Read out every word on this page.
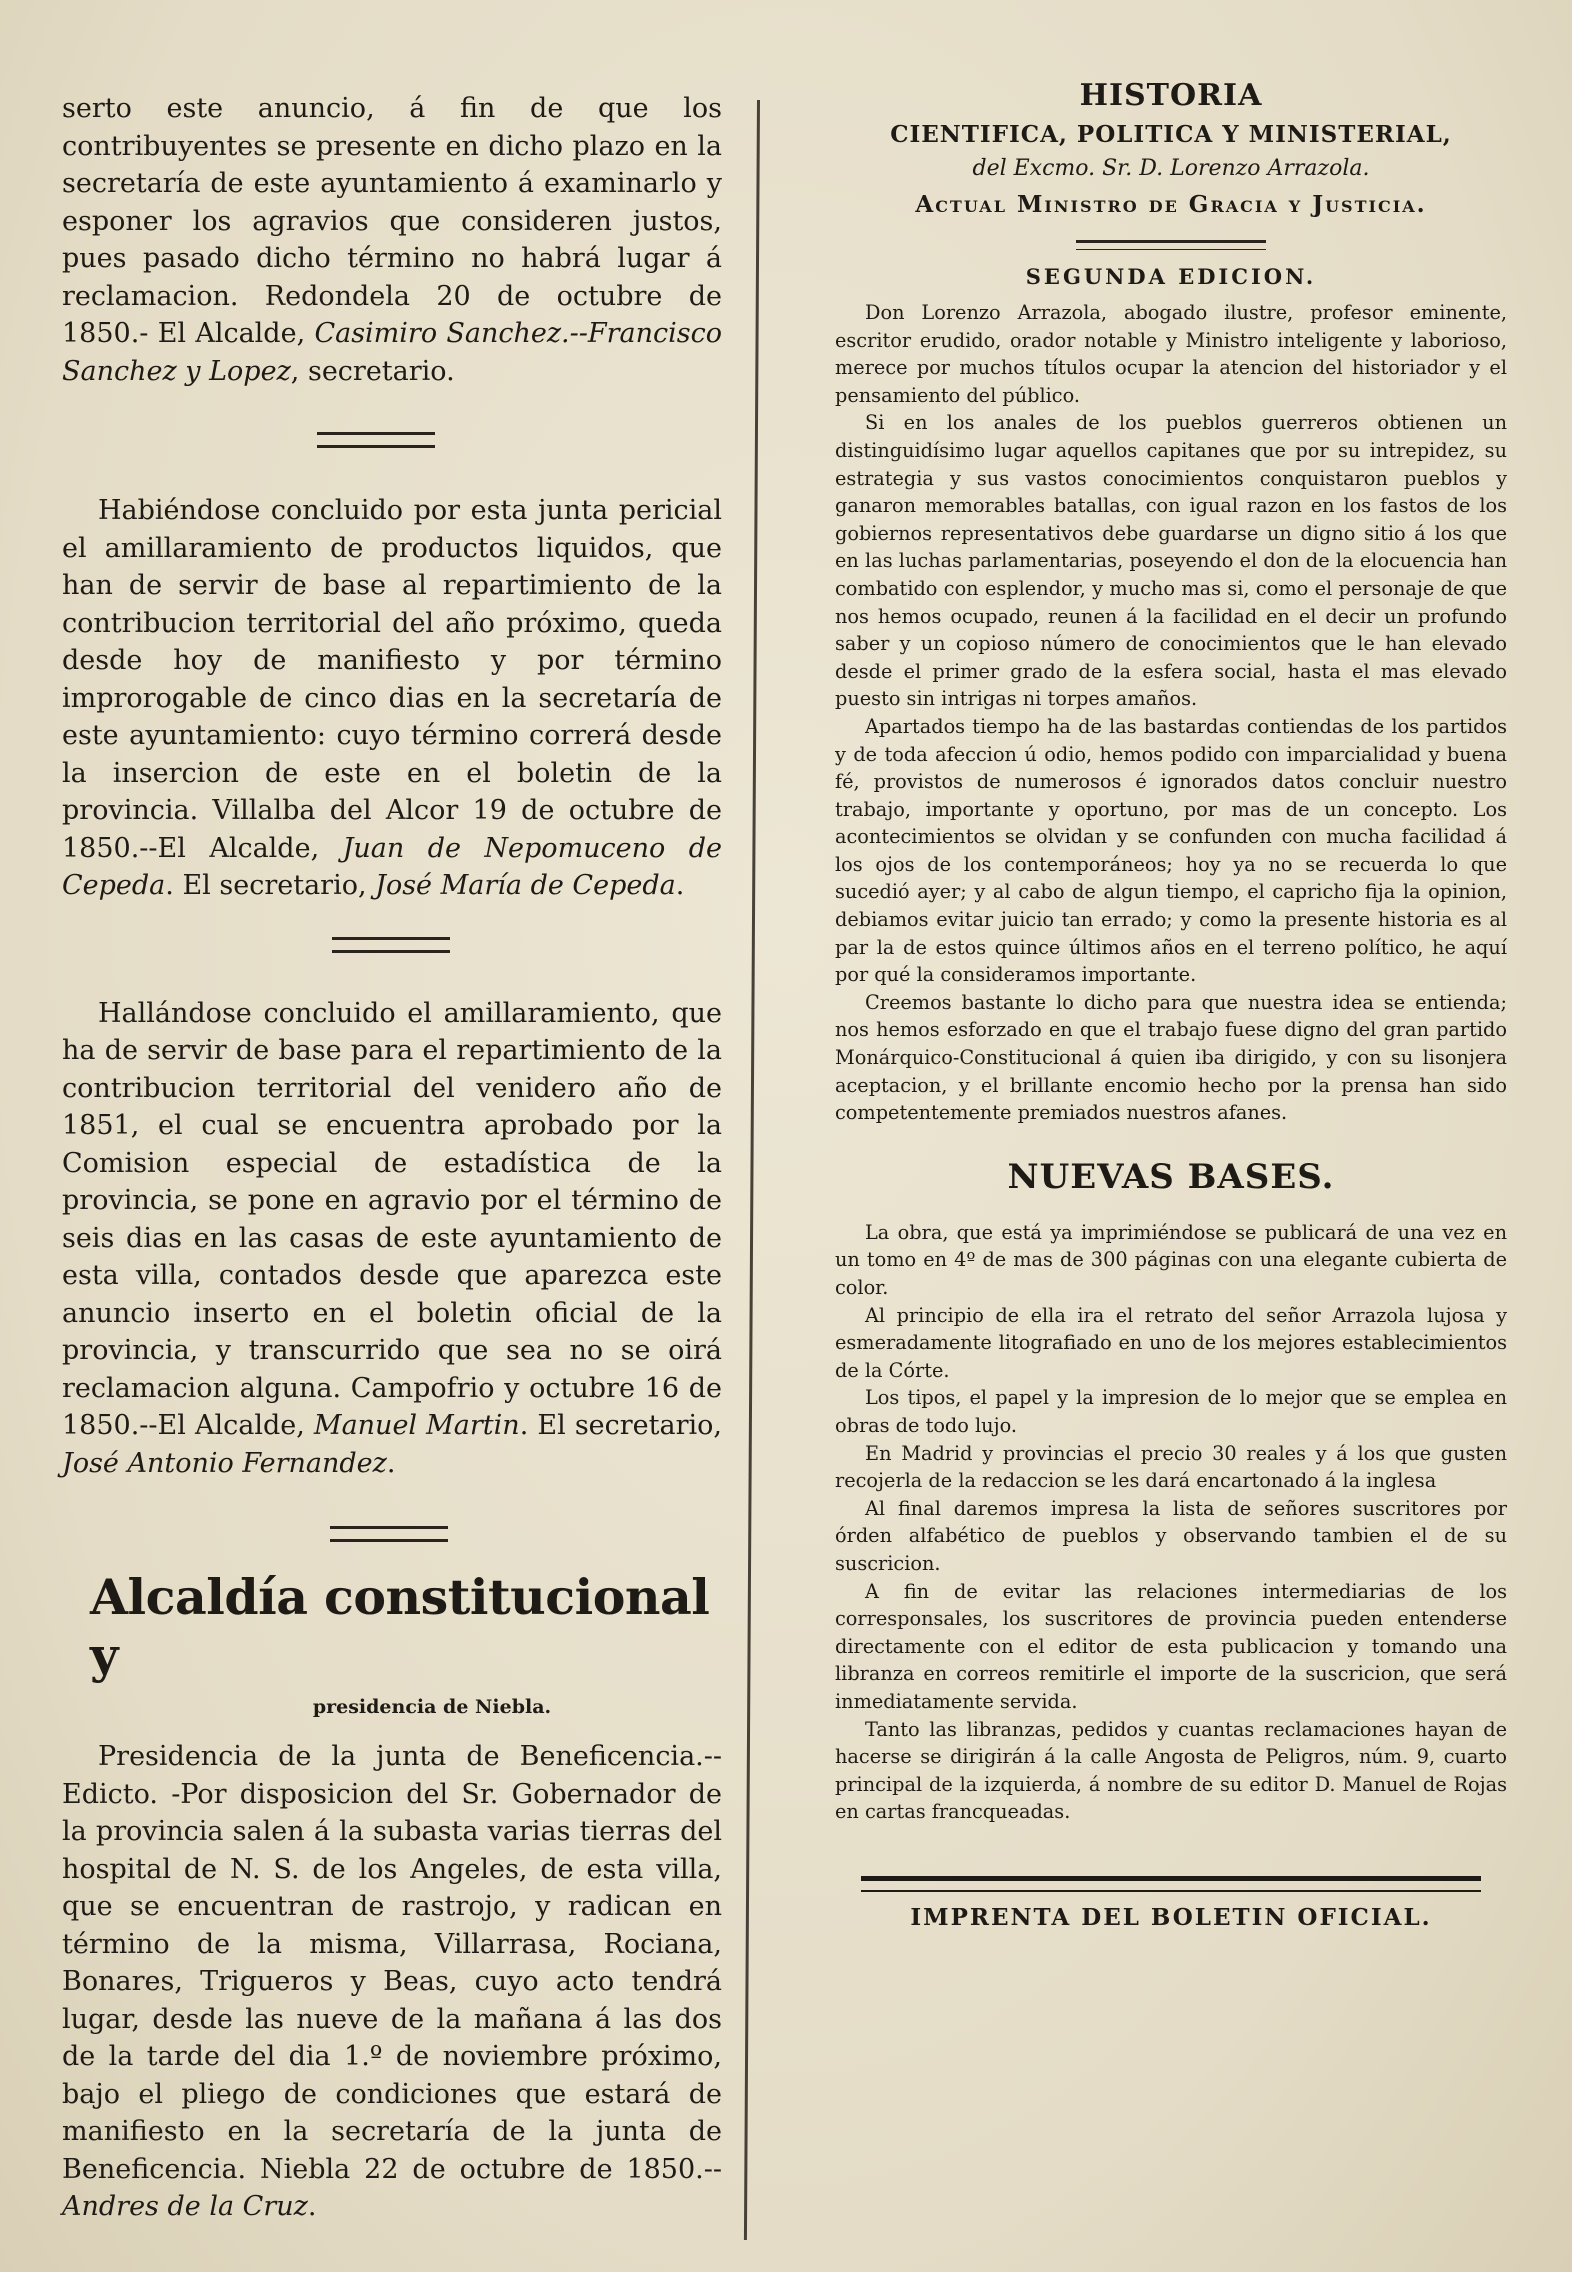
serto este anuncio, á fin de que los contribuyentes se presente en dicho plazo en la secretaría de este ayuntamiento á examinarlo y esponer los agravios que consideren justos, pues pasado dicho término no habrá lugar á reclamacion. Redondela 20 de octubre de 1850.- El Alcalde, Casimiro Sanchez.--Francisco Sanchez y Lopez, secretario.

Habiéndose concluido por esta junta pericial el amillaramiento de productos liquidos, que han de servir de base al repartimiento de la contribucion territorial del año próximo, queda desde hoy de manifiesto y por término improrogable de cinco dias en la secretaría de este ayuntamiento: cuyo término correrá desde la insercion de este en el boletin de la provincia. Villalba del Alcor 19 de octubre de 1850.--El Alcalde, Juan de Nepomuceno de Cepeda. El secretario, José María de Cepeda.

Hallándose concluido el amillaramiento, que ha de servir de base para el repartimiento de la contribucion territorial del venidero año de 1851, el cual se encuentra aprobado por la Comision especial de estadística de la provincia, se pone en agravio por el término de seis dias en las casas de este ayuntamiento de esta villa, contados desde que aparezca este anuncio inserto en el boletin oficial de la provincia, y transcurrido que sea no se oirá reclamacion alguna. Campofrio y octubre 16 de 1850.--El Alcalde, Manuel Martin. El secretario, José Antonio Fernandez.

Alcaldía constitucional y
presidencia de Niebla.

Presidencia de la junta de Beneficencia.--Edicto. -Por disposicion del Sr. Gobernador de la provincia salen á la subasta varias tierras del hospital de N. S. de los Angeles, de esta villa, que se encuentran de rastrojo, y radican en término de la misma, Villarrasa, Rociana, Bonares, Trigueros y Beas, cuyo acto tendrá lugar, desde las nueve de la mañana á las dos de la tarde del dia 1.º de noviembre próximo, bajo el pliego de condiciones que estará de manifiesto en la secretaría de la junta de Beneficencia. Niebla 22 de octubre de 1850.--Andres de la Cruz.

HISTORIA
CIENTIFICA, POLITICA Y MINISTERIAL,
del Excmo. Sr. D. Lorenzo Arrazola.
Actual Ministro de Gracia y Justicia.
SEGUNDA EDICION.

Don Lorenzo Arrazola, abogado ilustre, profesor eminente, escritor erudido, orador notable y Ministro inteligente y laborioso, merece por muchos títulos ocupar la atencion del historiador y el pensamiento del público.

Si en los anales de los pueblos guerreros obtienen un distinguidísimo lugar aquellos capitanes que por su intrepidez, su estrategia y sus vastos conocimientos conquistaron pueblos y ganaron memorables batallas, con igual razon en los fastos de los gobiernos representativos debe guardarse un digno sitio á los que en las luchas parlamentarias, poseyendo el don de la elocuencia han combatido con esplendor, y mucho mas si, como el personaje de que nos hemos ocupado, reunen á la facilidad en el decir un profundo saber y un copioso número de conocimientos que le han elevado desde el primer grado de la esfera social, hasta el mas elevado puesto sin intrigas ni torpes amaños.

Apartados tiempo ha de las bastardas contiendas de los partidos y de toda afeccion ú odio, hemos podido con imparcialidad y buena fé, provistos de numerosos é ignorados datos concluir nuestro trabajo, importante y oportuno, por mas de un concepto. Los acontecimientos se olvidan y se confunden con mucha facilidad á los ojos de los contemporáneos; hoy ya no se recuerda lo que sucedió ayer; y al cabo de algun tiempo, el capricho fija la opinion, debiamos evitar juicio tan errado; y como la presente historia es al par la de estos quince últimos años en el terreno político, he aquí por qué la consideramos importante.

Creemos bastante lo dicho para que nuestra idea se entienda; nos hemos esforzado en que el trabajo fuese digno del gran partido Monárquico-Constitucional á quien iba dirigido, y con su lisonjera aceptacion, y el brillante encomio hecho por la prensa han sido competentemente premiados nuestros afanes.

NUEVAS BASES.

La obra, que está ya imprimiéndose se publicará de una vez en un tomo en 4º de mas de 300 páginas con una elegante cubierta de color.

Al principio de ella ira el retrato del señor Arrazola lujosa y esmeradamente litografiado en uno de los mejores establecimientos de la Córte.

Los tipos, el papel y la impresion de lo mejor que se emplea en obras de todo lujo.

En Madrid y provincias el precio 30 reales y á los que gusten recojerla de la redaccion se les dará encartonado á la inglesa

Al final daremos impresa la lista de señores suscritores por órden alfabético de pueblos y observando tambien el de su suscricion.

A fin de evitar las relaciones intermediarias de los corresponsales, los suscritores de provincia pueden entenderse directamente con el editor de esta publicacion y tomando una libranza en correos remitirle el importe de la suscricion, que será inmediatamente servida.

Tanto las libranzas, pedidos y cuantas reclamaciones hayan de hacerse se dirigirán á la calle Angosta de Peligros, núm. 9, cuarto principal de la izquierda, á nombre de su editor D. Manuel de Rojas en cartas francqueadas.

IMPRENTA DEL BOLETIN OFICIAL.
